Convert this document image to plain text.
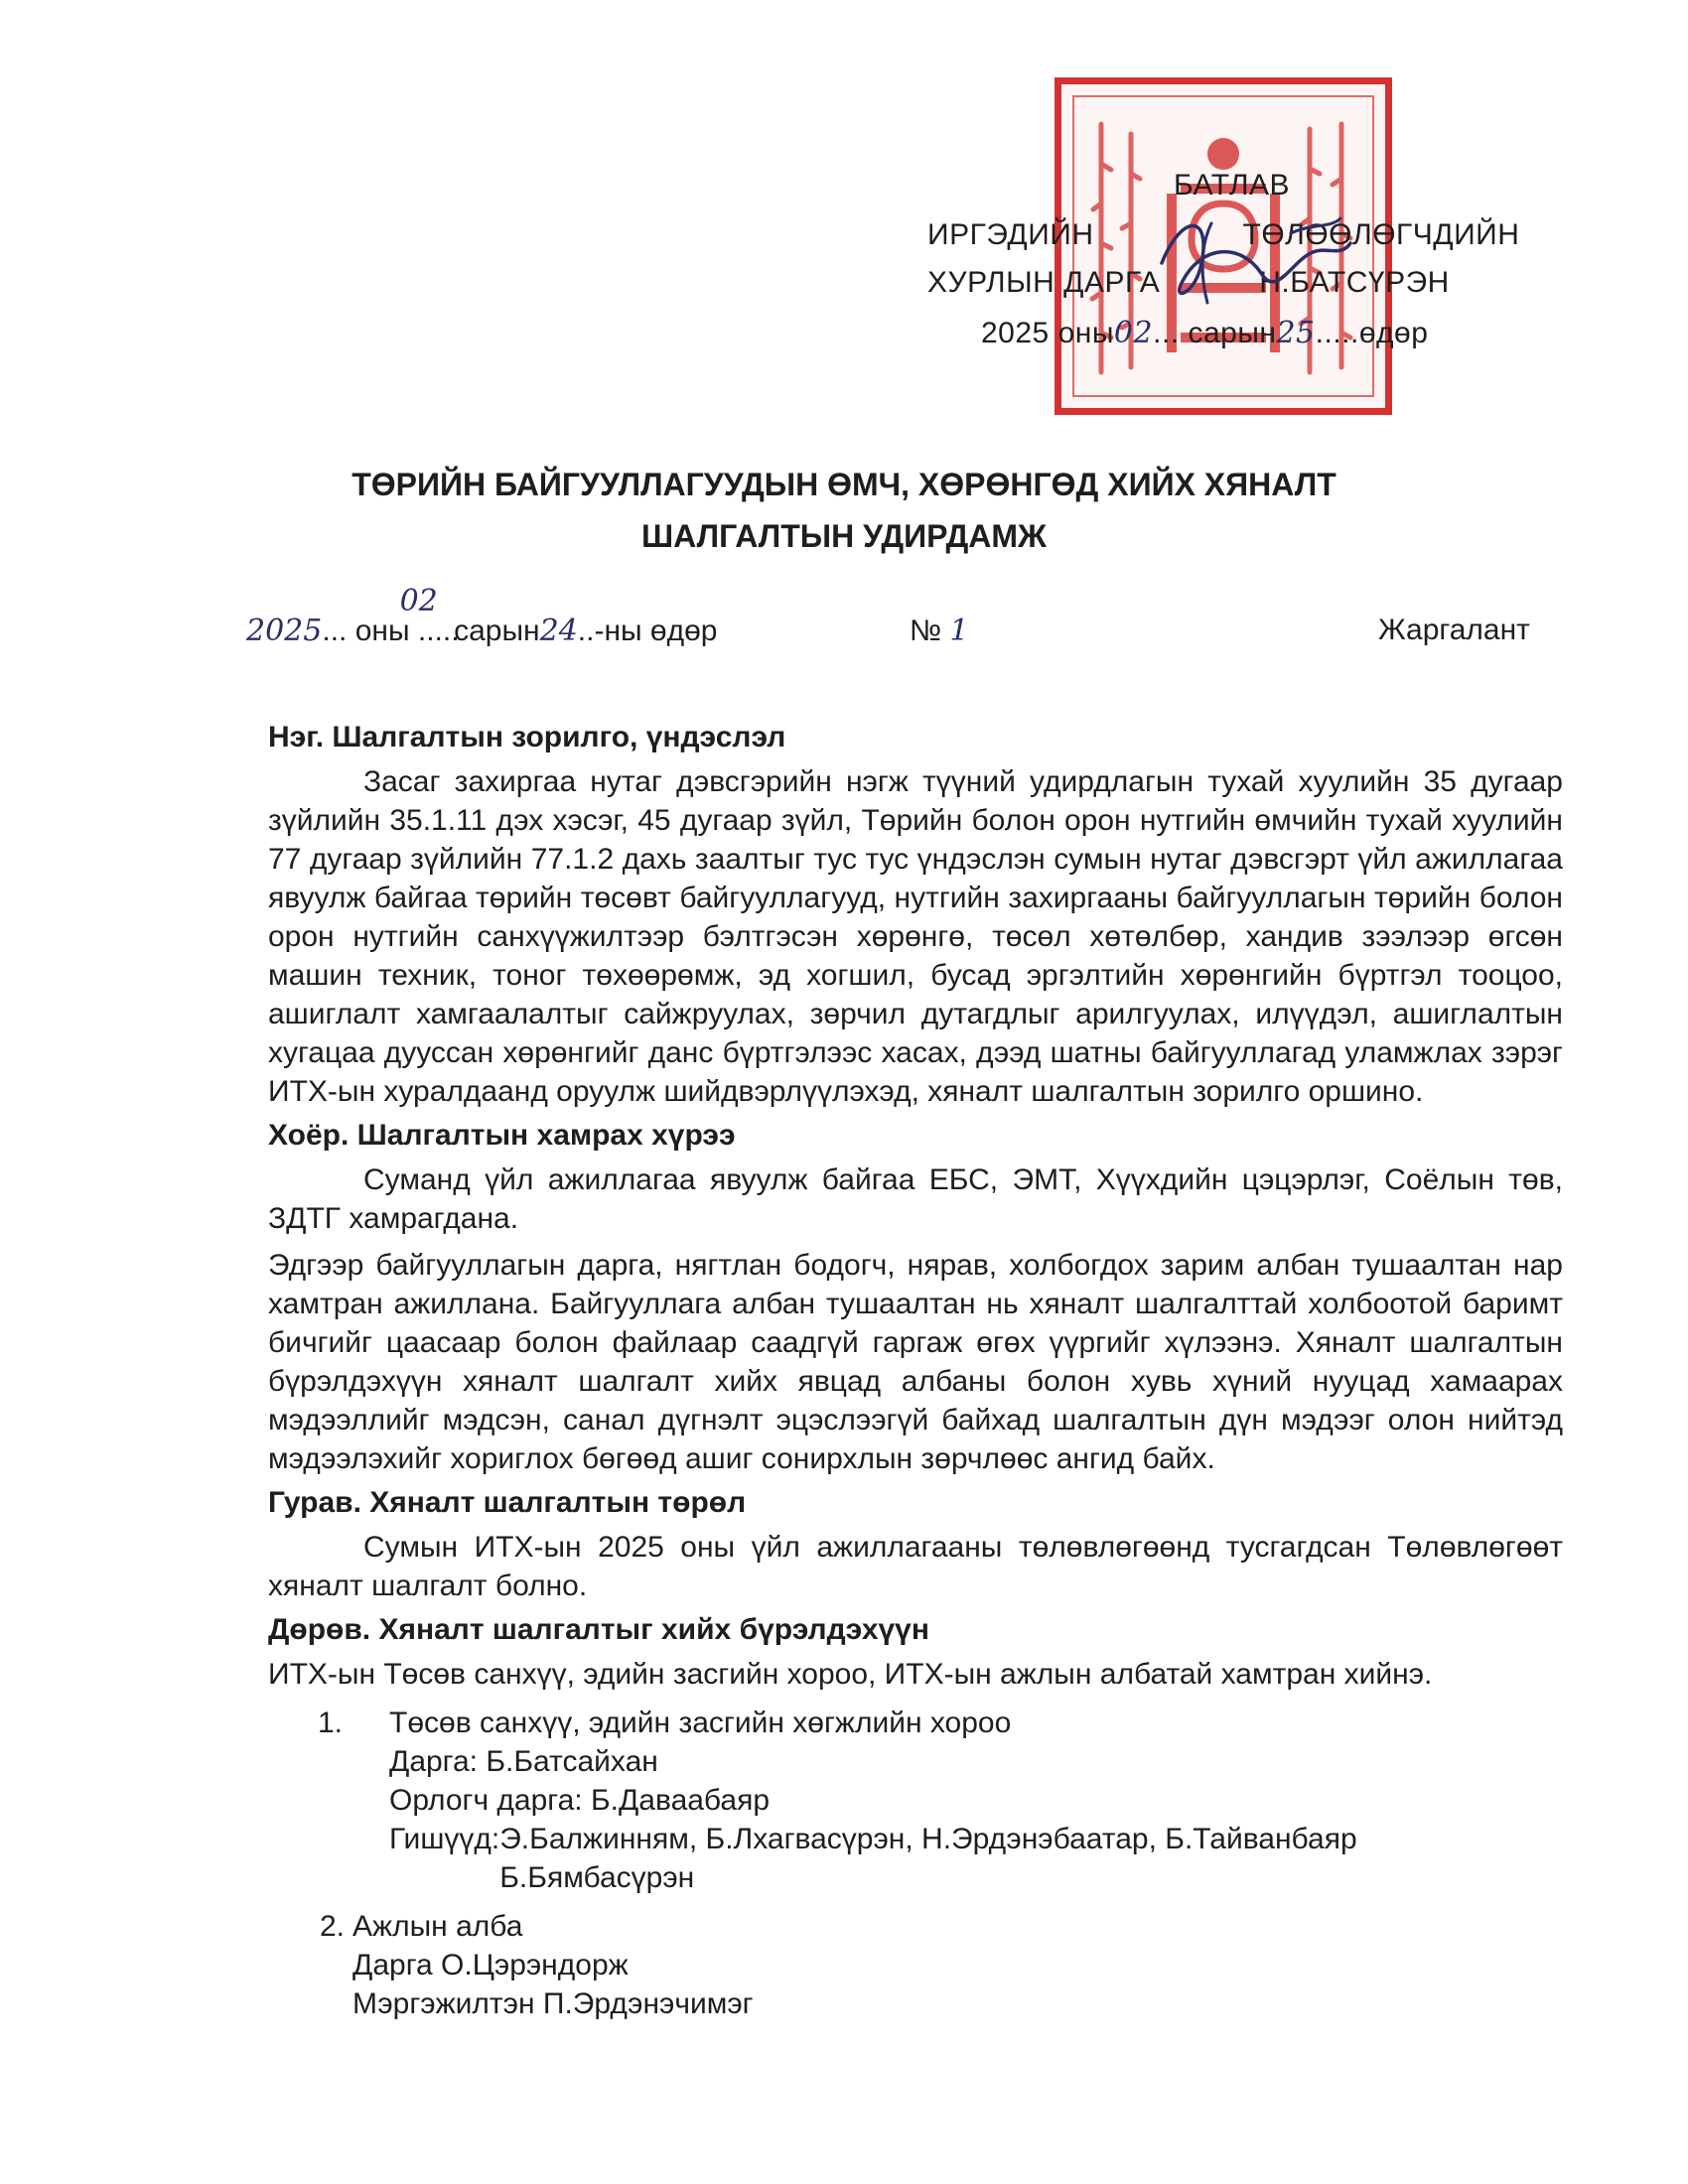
БАТЛАВ
ИРГЭДИЙН	ТӨЛӨӨЛӨГЧДИЙН
ХУРЛЫН ДАРГА	Н.БАТСҮРЭН
2025 оны02... сарын25.....өдөр
ТӨРИЙН БАЙГУУЛЛАГУУДЫН ӨМЧ, ХӨРӨНГӨД ХИЙХ ХЯНАЛТ
ШАЛГАЛТЫН УДИРДАМЖ
2025... оны .....02 сарын24..-ны өдөр	№ 1	Жаргалант
Нэг. Шалгалтын зорилго, үндэслэл

Засаг захиргаа нутаг дэвсгэрийн нэгж түүний удирдлагын тухай хуулийн 35 дугаар зүйлийн 35.1.11 дэх хэсэг, 45 дугаар зүйл, Төрийн болон орон нутгийн өмчийн тухай хуулийн 77 дугаар зүйлийн 77.1.2 дахь заалтыг тус тус үндэслэн сумын нутаг дэвсгэрт үйл ажиллагаа явуулж байгаа төрийн төсөвт байгууллагууд, нутгийн захиргааны байгууллагын төрийн болон орон нутгийн санхүүжилтээр бэлтгэсэн хөрөнгө, төсөл хөтөлбөр, хандив зээлээр өгсөн машин техник, тоног төхөөрөмж, эд хогшил, бусад эргэлтийн хөрөнгийн бүртгэл тооцоо, ашиглалт хамгаалалтыг сайжруулах, зөрчил дутагдлыг арилгуулах, илүүдэл, ашиглалтын хугацаа дууссан хөрөнгийг данс бүртгэлээс хасах, дээд шатны байгууллагад уламжлах зэрэг ИТХ-ын хуралдаанд оруулж шийдвэрлүүлэхэд, хяналт шалгалтын зорилго оршино.

Хоёр. Шалгалтын хамрах хүрээ

Суманд үйл ажиллагаа явуулж байгаа ЕБС, ЭМТ, Хүүхдийн цэцэрлэг, Соёлын төв, ЗДТГ хамрагдана.

Эдгээр байгууллагын дарга, нягтлан бодогч, нярав, холбогдох зарим албан тушаалтан нар хамтран ажиллана. Байгууллага албан тушаалтан нь хяналт шалгалттай холбоотой баримт бичгийг цаасаар болон файлаар саадгүй гаргаж өгөх үүргийг хүлээнэ. Хяналт шалгалтын бүрэлдэхүүн хяналт шалгалт хийх явцад албаны болон хувь хүний нууцад хамаарах мэдээллийг мэдсэн, санал дүгнэлт эцэслээгүй байхад шалгалтын дүн мэдээг олон нийтэд мэдээлэхийг хориглох бөгөөд ашиг сонирхлын зөрчлөөс ангид байх.

Гурав. Хяналт шалгалтын төрөл

Сумын ИТХ-ын 2025 оны үйл ажиллагааны төлөвлөгөөнд тусгагдсан Төлөвлөгөөт хяналт шалгалт болно.

Дөрөв. Хяналт шалгалтыг хийх бүрэлдэхүүн

ИТХ-ын Төсөв санхүү, эдийн засгийн хороо, ИТХ-ын ажлын албатай хамтран хийнэ.

1.	Төсөв санхүү, эдийн засгийн хөгжлийн хороо
Дарга: Б.Батсайхан
Орлогч дарга: Б.Даваабаяр
Гишүүд: Э.Балжинням, Б.Лхагвасүрэн, Н.Эрдэнэбаатар, Б.Тайванбаяр
Б.Бямбасүрэн
2. Ажлын алба
Дарга О.Цэрэндорж
Мэргэжилтэн П.Эрдэнэчимэг
